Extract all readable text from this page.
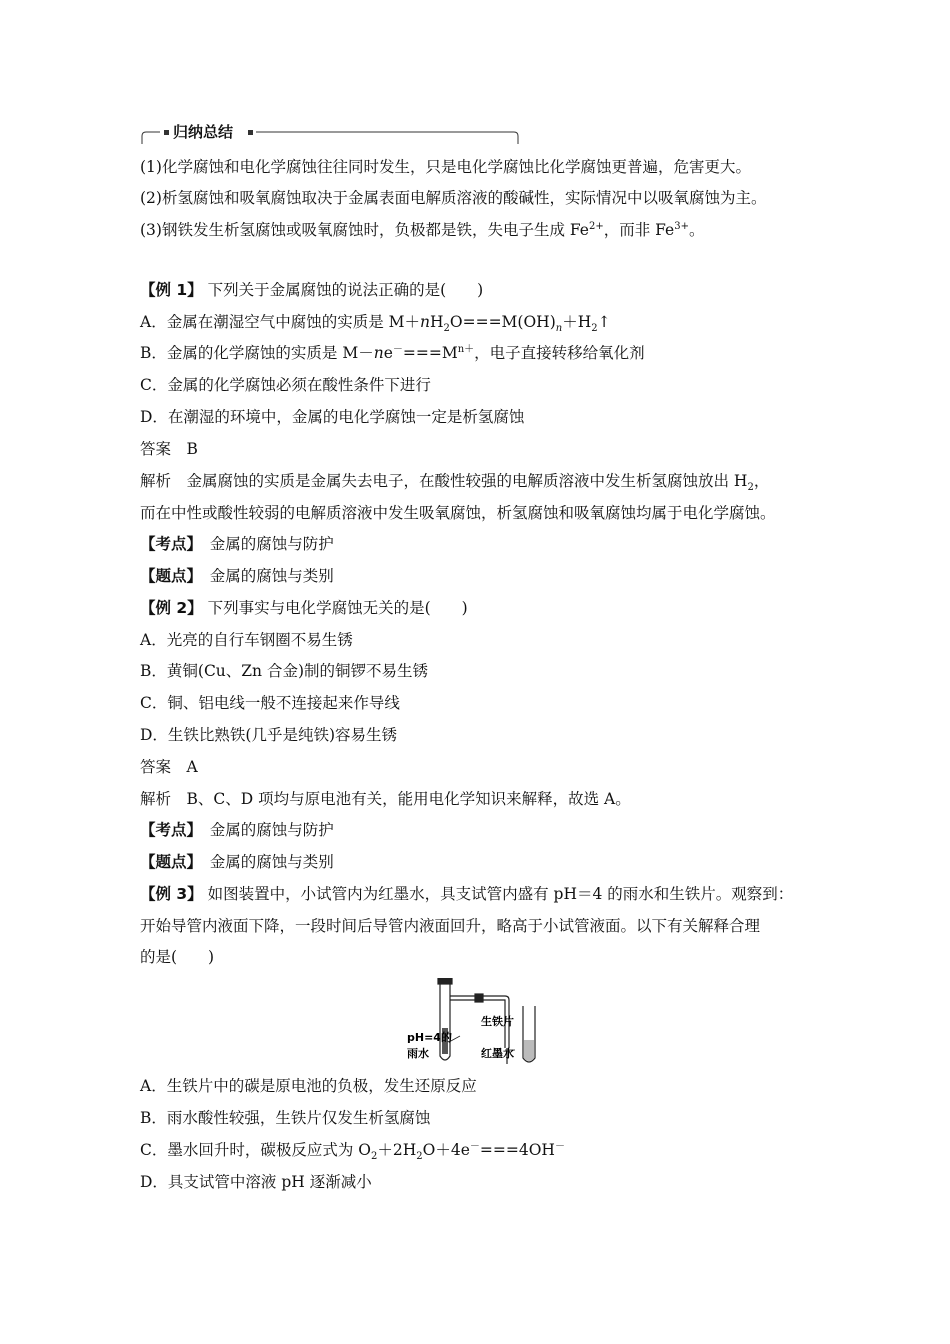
归纳总结
(1)化学腐蚀和电化学腐蚀往往同时发生，只是电化学腐蚀比化学腐蚀更普遍，危害更大。
(2)析氢腐蚀和吸氧腐蚀取决于金属表面电解质溶液的酸碱性，实际情况中以吸氧腐蚀为主。
(3)钢铁发生析氢腐蚀或吸氧腐蚀时，负极都是铁，失电子生成 $Fe^{2+}$，而非 $Fe^{3+}$。
【例 1】 下列关于金属腐蚀的说法正确的是(　　)
A．金属在潮湿空气中腐蚀的实质是 $M+nH_2O===M(OH)_n+H_2↑$
B．金属的化学腐蚀的实质是 $M-ne^-===M^{n+}$，电子直接转移给氧化剂
C．金属的化学腐蚀必须在酸性条件下进行
D．在潮湿的环境中，金属的电化学腐蚀一定是析氢腐蚀
答案　B
解析　金属腐蚀的实质是金属失去电子，在酸性较强的电解质溶液中发生析氢腐蚀放出 $H_2$，
而在中性或酸性较弱的电解质溶液中发生吸氧腐蚀，析氢腐蚀和吸氧腐蚀均属于电化学腐蚀。
【考点】　金属的腐蚀与防护
【题点】　金属的腐蚀与类别
【例 2】 下列事实与电化学腐蚀无关的是(　　)
A．光亮的自行车钢圈不易生锈
B．黄铜(Cu、Zn 合金)制的铜锣不易生锈
C．铜、铝电线一般不连接起来作导线
D．生铁比熟铁(几乎是纯铁)容易生锈
答案　A
解析　B、C、D 项均与原电池有关，能用电化学知识来解释，故选 A。
【考点】　金属的腐蚀与防护
【题点】　金属的腐蚀与类别
【例 3】 如图装置中，小试管内为红墨水，具支试管内盛有 pH＝4 的雨水和生铁片。观察到：
开始导管内液面下降，一段时间后导管内液面回升，略高于小试管液面。以下有关解释合理
的是(　　)
生铁片
pH=4的
雨水	红墨水
A．生铁片中的碳是原电池的负极，发生还原反应
B．雨水酸性较强，生铁片仅发生析氢腐蚀
C．墨水回升时，碳极反应式为 $O_2+2H_2O+4e^-===4OH^-$
D．具支试管中溶液 pH 逐渐减小
